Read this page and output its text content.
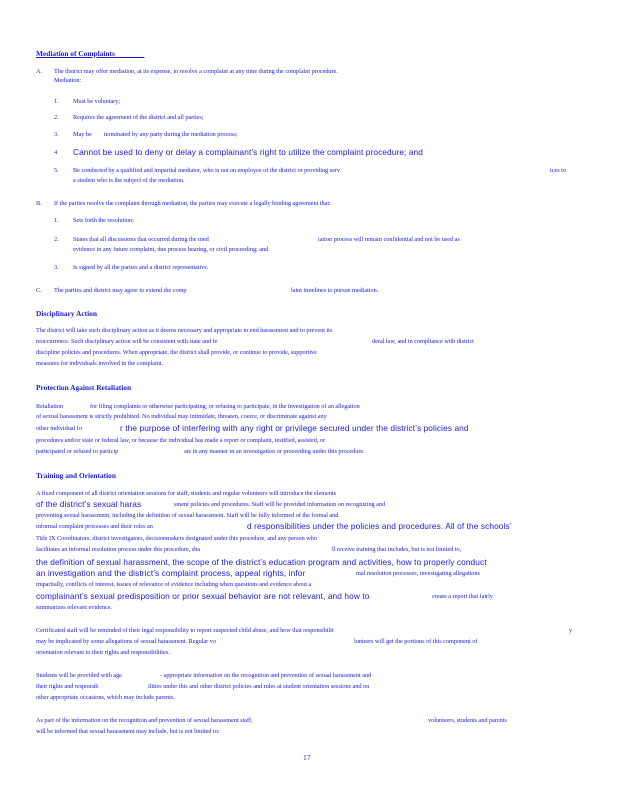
Mediation of Complaints
A. The district may offer mediation, at its expense, to resolve a complaint at any time during the complaint procedure.
Mediation:
1. Must be voluntary;
2. Requires the agreement of the district and all parties;
3. May be        terminated by any party during the mediation process;
4 Cannot be used to deny or delay a complainant’s right to utilize the complaint procedure; and
5. Be conducted by a qualified and impartial mediator, who is not an employee of the district or providing serv	ices to
a student who is the subject of the mediation.
B. If the parties resolve the complaint through mediation, the parties may execute a legally binding agreement that:
1. Sets forth the resolution;
2. States that all discussions that occurred during the med	iation process will remain confidential and not be used as
evidence in any future complaint, due process hearing, or civil proceeding; and
3. Is signed by all the parties and a district representative.
C. The parties and district may agree to extend the comp	laint timelines to pursue mediation.
Disciplinary Action
The district will take such disciplinary action as it deems necessary and appropriate to end harassment and to prevent its
reoccurrence. Such disciplinary action will be consistent with state and fe	deral law, and in compliance with district
discipline policies and procedures. When appropriate, the district shall provide, or continue to provide, supportive
measures for individuals involved in the complaint.
Protection Against Retaliation
Retaliation	for filing complaints or otherwise participating, or refusing to participate, in the investigation of an allegation
of sexual harassment is strictly prohibited. No individual may intimidate, threaten, coerce, or discriminate against any
other individual fo	r the purpose of interfering with any right or privilege secured under the district’s policies and
procedures and/or state or federal law, or because the individual has made a report or complaint, testified, assisted, or
participated or refused to particip	ate in any manner in an investigation or proceeding under this procedure.
Training and Orientation
A fixed component of all district orientation sessions for staff, students and regular volunteers will introduce the elements
of the district’s sexual haras	sment policies and procedures. Staff will be provided information on recognizing and
preventing sexual harassment, including the definition of sexual harassment. Staff will be fully informed of the formal and
informal complaint processes and their roles an	d responsibilities under the policies and procedures. All of the schools’
Title IX Coordinators, district investigators, decisionmakers designated under this procedure, and any person who
facilitates an informal resolution process under this procedure, sha	ll receive training that includes, but is not limited to,
the definition of sexual harassment, the scope of the district’s education program and activities, how to properly conduct
an investigation and the district’s complaint process, appeal rights, infor	mal resolution processes, investigating allegations
impartially, conflicts of interest, issues of relevance of evidence including when questions and evidence about a
complainant’s sexual predisposition or prior sexual behavior are not relevant, and how to	create a report that fairly
summarizes relevant evidence.
Certificated staff will be reminded of their legal responsibility to report suspected child abuse, and how that responsibilit	y
may be implicated by some allegations of sexual harassment. Regular vo	lunteers will get the portions of this component of
orientation relevant to their rights and responsibilities.
Students will be provided with age	- appropriate information on the recognition and prevention of sexual harassment and
their rights and responsib	ilities under this and other district policies and rules at student orientation sessions and on
other appropriate occasions, which may include parents.
As part of the information on the recognition and prevention of sexual harassment staff,	volunteers, students and parents
will be informed that sexual harassment may include, but is not limited to:
17
